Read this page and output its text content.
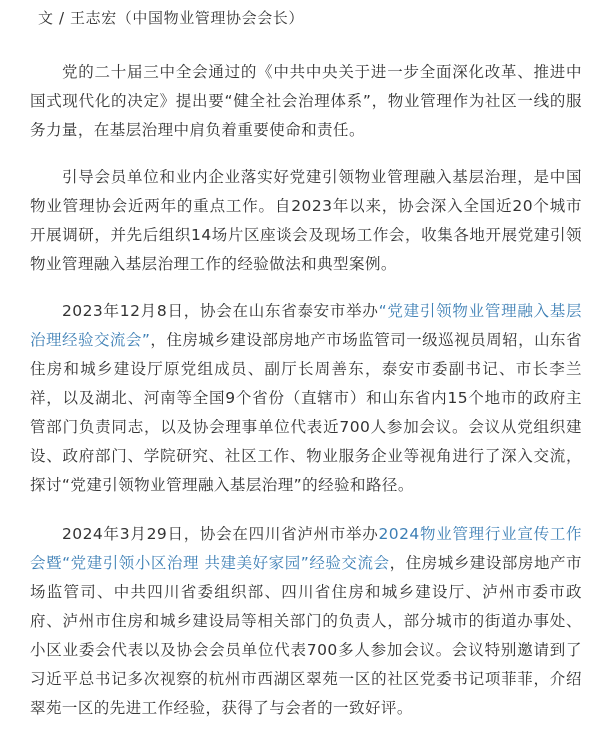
文 / 王志宏（中国物业管理协会会长）

党的二十届三中全会通过的《中共中央关于进一步全面深化改革、推进中国式现代化的决定》提出要“健全社会治理体系”，物业管理作为社区一线的服务力量，在基层治理中肩负着重要使命和责任。

引导会员单位和业内企业落实好党建引领物业管理融入基层治理，是中国物业管理协会近两年的重点工作。自2023年以来，协会深入全国近20个城市开展调研，并先后组织14场片区座谈会及现场工作会，收集各地开展党建引领物业管理融入基层治理工作的经验做法和典型案例。

2023年12月8日，协会在山东省泰安市举办“党建引领物业管理融入基层治理经验交流会”，住房城乡建设部房地产市场监管司一级巡视员周轺，山东省住房和城乡建设厅原党组成员、副厅长周善东，泰安市委副书记、市长李兰祥，以及湖北、河南等全国9个省份（直辖市）和山东省内15个地市的政府主管部门负责同志，以及协会理事单位代表近700人参加会议。会议从党组织建设、政府部门、学院研究、社区工作、物业服务企业等视角进行了深入交流，探讨“党建引领物业管理融入基层治理”的经验和路径。

2024年3月29日，协会在四川省泸州市举办2024物业管理行业宣传工作会暨“党建引领小区治理 共建美好家园”经验交流会，住房城乡建设部房地产市场监管司、中共四川省委组织部、四川省住房和城乡建设厅、泸州市委市政府、泸州市住房和城乡建设局等相关部门的负责人，部分城市的街道办事处、小区业委会代表以及协会会员单位代表700多人参加会议。会议特别邀请到了习近平总书记多次视察的杭州市西湖区翠苑一区的社区党委书记项菲菲，介绍翠苑一区的先进工作经验，获得了与会者的一致好评。
